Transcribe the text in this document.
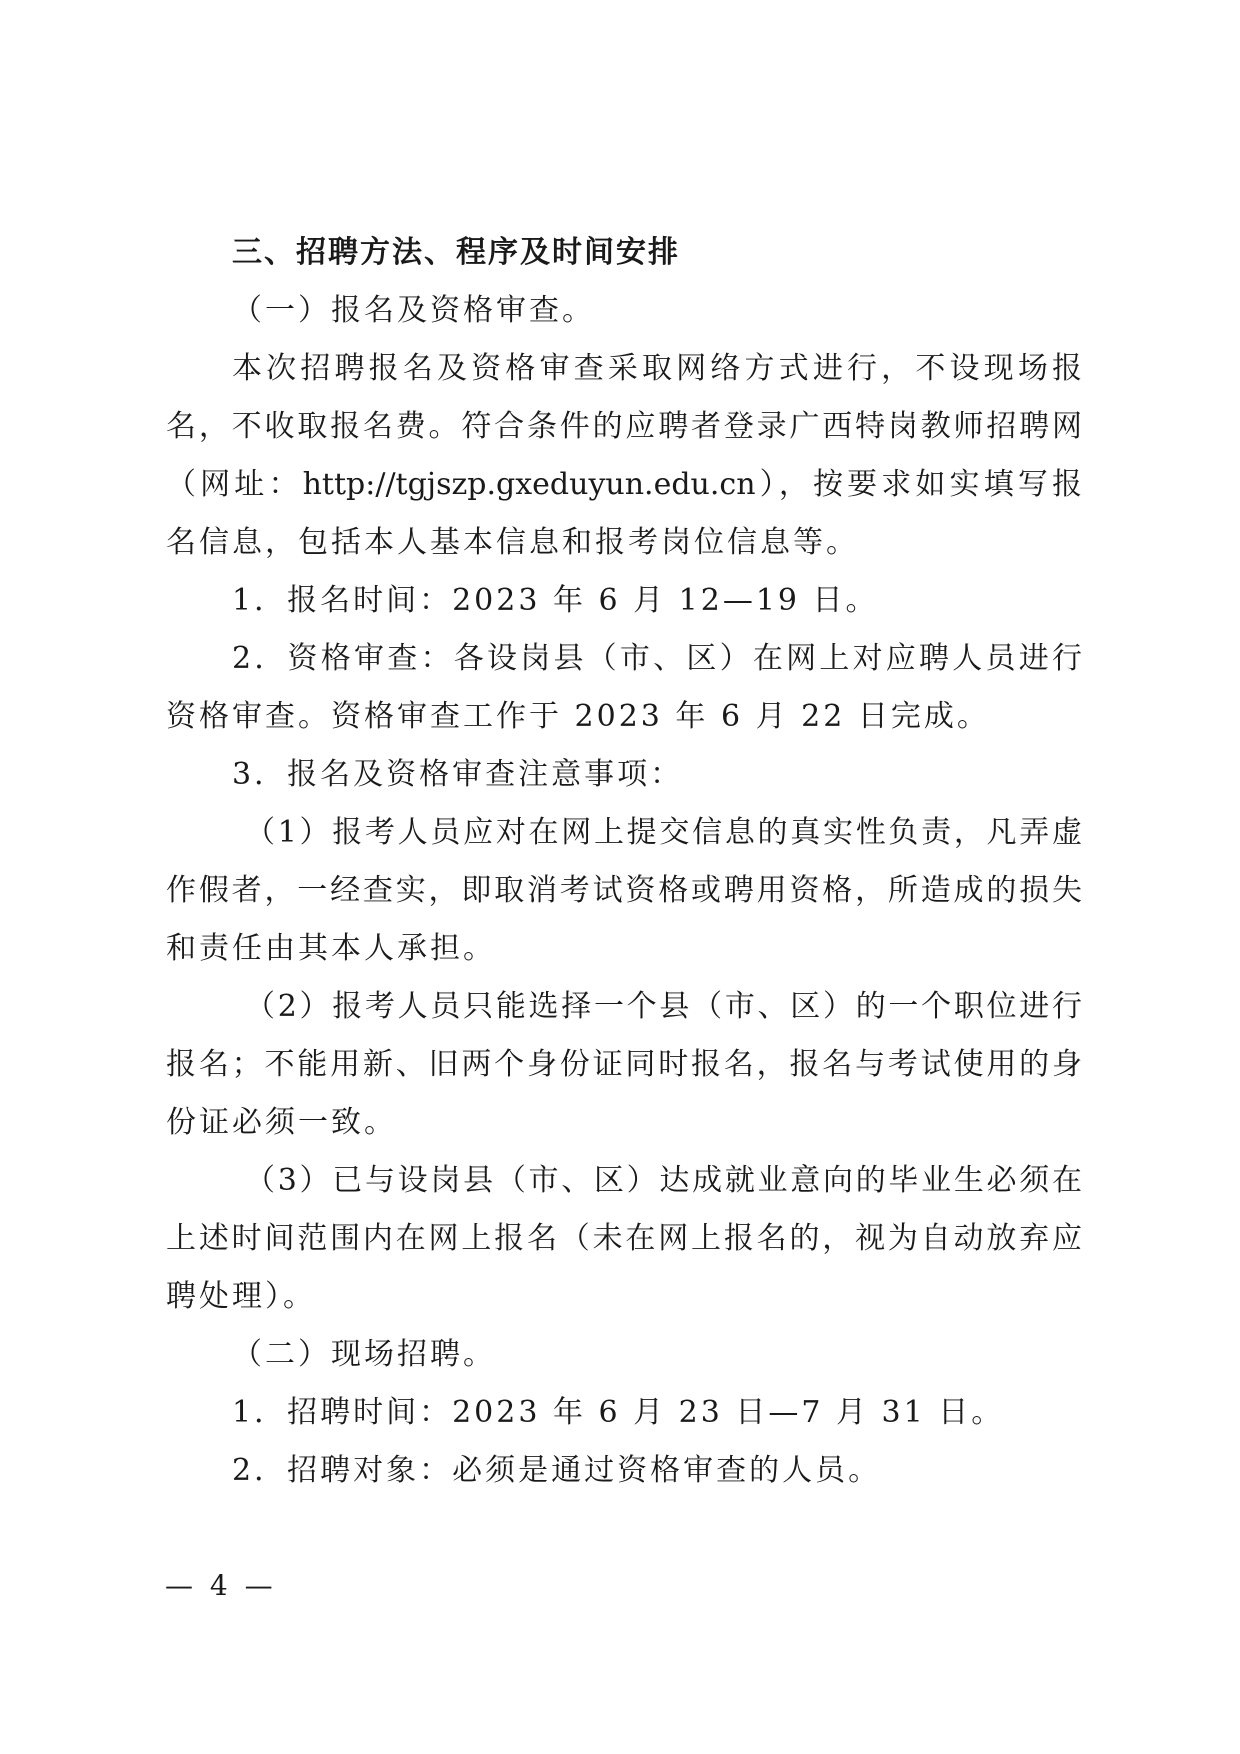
三、招聘方法、程序及时间安排
（一）报名及资格审查。
本次招聘报名及资格审查采取网络方式进行，不设现场报
名，不收取报名费。符合条件的应聘者登录广西特岗教师招聘网
（网址：http://tgjszp.gxeduyun.edu.cn），按要求如实填写报
名信息，包括本人基本信息和报考岗位信息等。
1．报名时间：2023 年 6 月 12—19 日。
2．资格审查：各设岗县（市、区）在网上对应聘人员进行
资格审查。资格审查工作于 2023 年 6 月 22 日完成。
3．报名及资格审查注意事项：
（1）报考人员应对在网上提交信息的真实性负责，凡弄虚
作假者，一经查实，即取消考试资格或聘用资格，所造成的损失
和责任由其本人承担。
（2）报考人员只能选择一个县（市、区）的一个职位进行
报名；不能用新、旧两个身份证同时报名，报名与考试使用的身
份证必须一致。
（3）已与设岗县（市、区）达成就业意向的毕业生必须在
上述时间范围内在网上报名（未在网上报名的，视为自动放弃应
聘处理）。
（二）现场招聘。
1．招聘时间：2023 年 6 月 23 日—7 月 31 日。
2．招聘对象：必须是通过资格审查的人员。
— 4 —
